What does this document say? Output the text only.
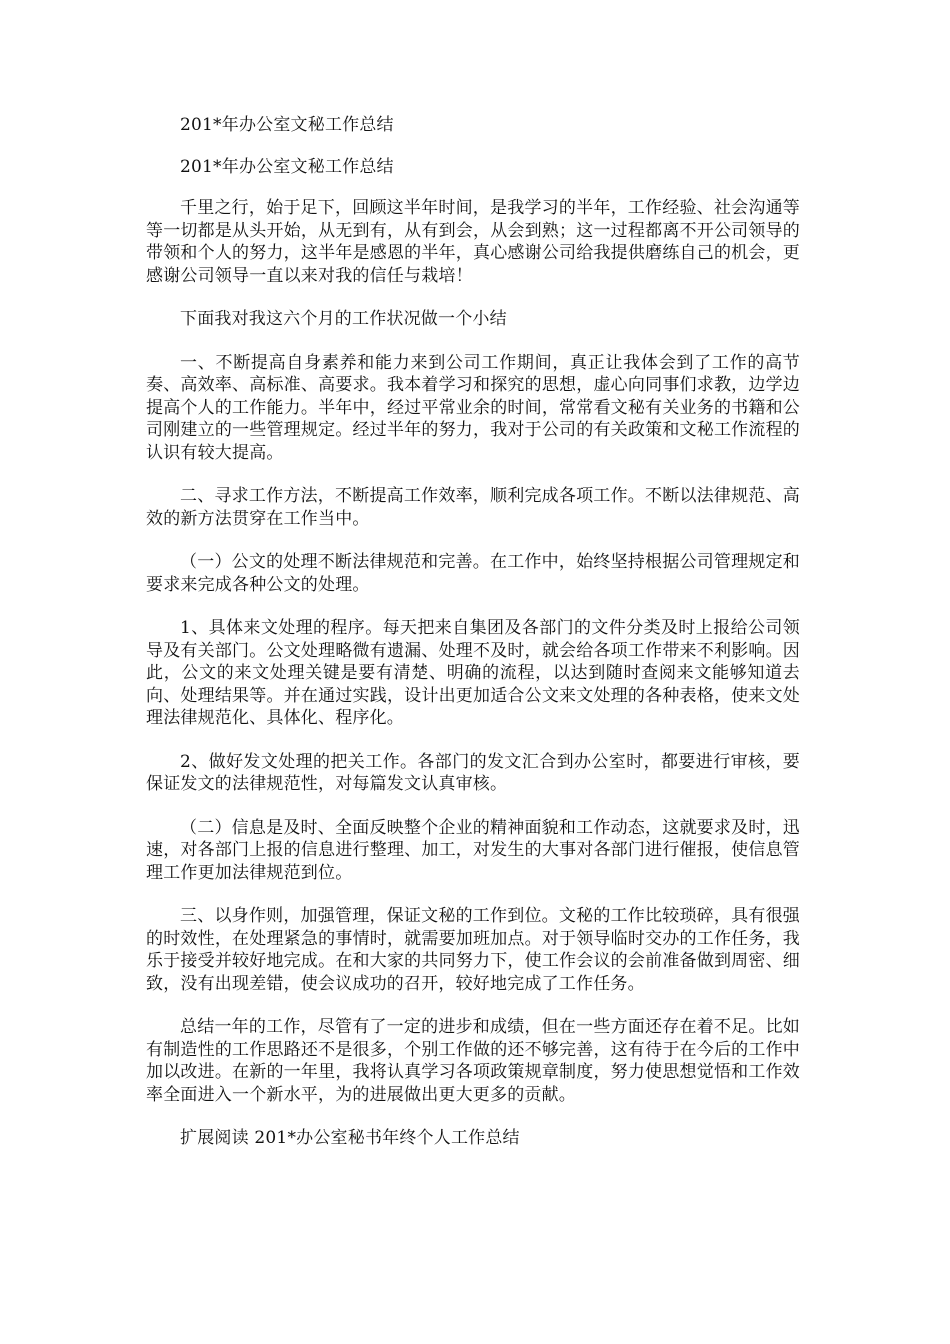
201*年办公室文秘工作总结

201*年办公室文秘工作总结

千里之行，始于足下，回顾这半年时间，是我学习的半年，工作经验、社会沟通等等一切都是从头开始，从无到有，从有到会，从会到熟；这一过程都离不开公司领导的带领和个人的努力，这半年是感恩的半年，真心感谢公司给我提供磨练自己的机会，更感谢公司领导一直以来对我的信任与栽培！

下面我对我这六个月的工作状况做一个小结

一、不断提高自身素养和能力来到公司工作期间，真正让我体会到了工作的高节奏、高效率、高标准、高要求。我本着学习和探究的思想，虚心向同事们求教，边学边提高个人的工作能力。半年中，经过平常业余的时间，常常看文秘有关业务的书籍和公司刚建立的一些管理规定。经过半年的努力，我对于公司的有关政策和文秘工作流程的认识有较大提高。

二、寻求工作方法，不断提高工作效率，顺利完成各项工作。不断以法律规范、高效的新方法贯穿在工作当中。

（一）公文的处理不断法律规范和完善。在工作中，始终坚持根据公司管理规定和要求来完成各种公文的处理。

1、具体来文处理的程序。每天把来自集团及各部门的文件分类及时上报给公司领导及有关部门。公文处理略微有遗漏、处理不及时，就会给各项工作带来不利影响。因此，公文的来文处理关键是要有清楚、明确的流程，以达到随时查阅来文能够知道去向、处理结果等。并在通过实践，设计出更加适合公文来文处理的各种表格，使来文处理法律规范化、具体化、程序化。

2、做好发文处理的把关工作。各部门的发文汇合到办公室时，都要进行审核，要保证发文的法律规范性，对每篇发文认真审核。

（二）信息是及时、全面反映整个企业的精神面貌和工作动态，这就要求及时，迅速，对各部门上报的信息进行整理、加工，对发生的大事对各部门进行催报，使信息管理工作更加法律规范到位。

三、以身作则，加强管理，保证文秘的工作到位。文秘的工作比较琐碎，具有很强的时效性，在处理紧急的事情时，就需要加班加点。对于领导临时交办的工作任务，我乐于接受并较好地完成。在和大家的共同努力下，使工作会议的会前准备做到周密、细致，没有出现差错，使会议成功的召开，较好地完成了工作任务。

总结一年的工作，尽管有了一定的进步和成绩，但在一些方面还存在着不足。比如有制造性的工作思路还不是很多，个别工作做的还不够完善，这有待于在今后的工作中加以改进。在新的一年里，我将认真学习各项政策规章制度，努力使思想觉悟和工作效率全面进入一个新水平，为的进展做出更大更多的贡献。

扩展阅读 201*办公室秘书年终个人工作总结
